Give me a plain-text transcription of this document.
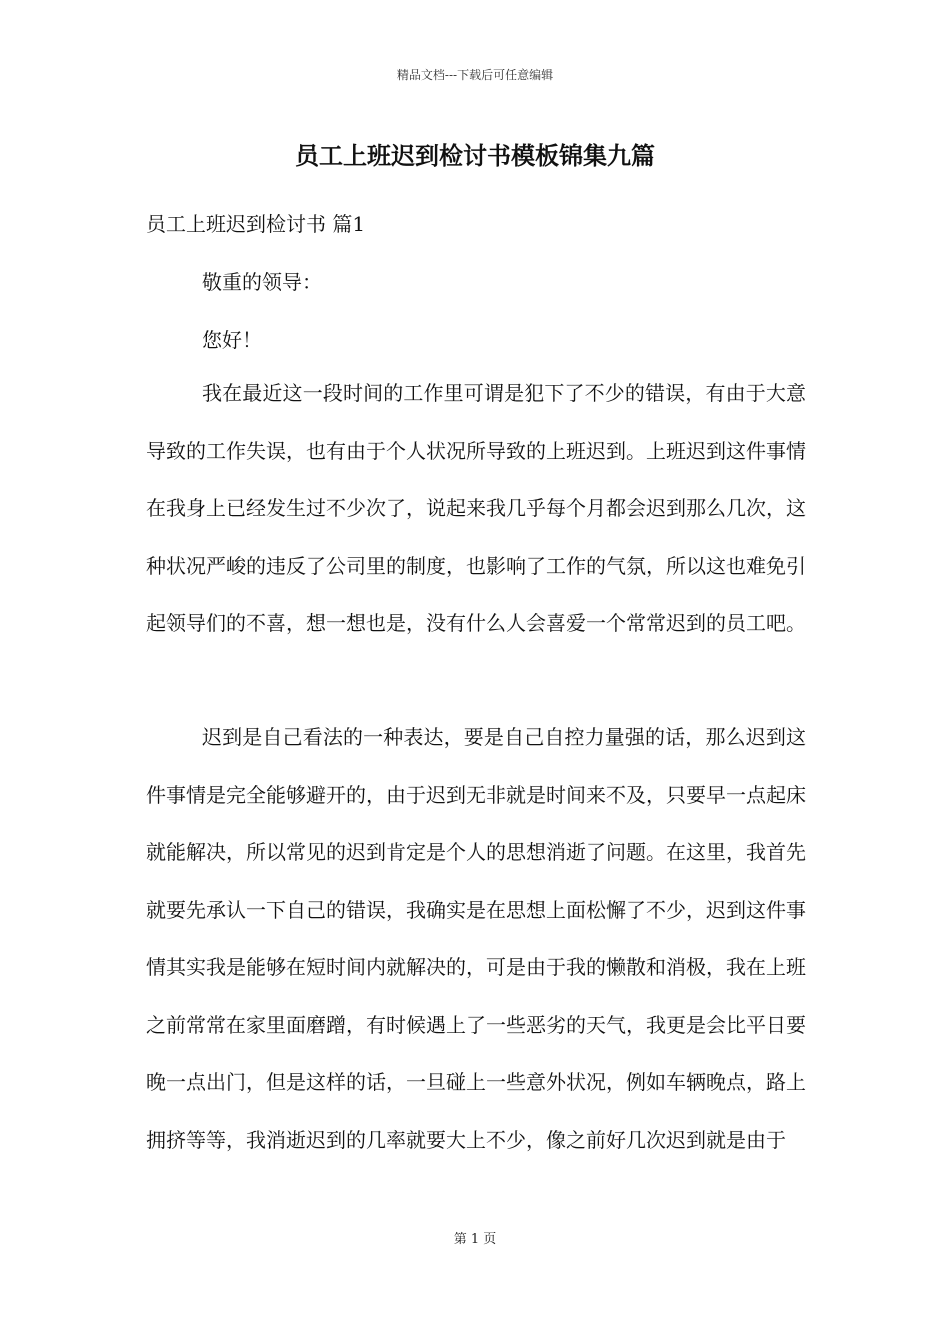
精品文档---下载后可任意编辑
员工上班迟到检讨书模板锦集九篇

员工上班迟到检讨书 篇1

敬重的领导：

您好！

我在最近这一段时间的工作里可谓是犯下了不少的错误，有由于大意导致的工作失误，也有由于个人状况所导致的上班迟到。上班迟到这件事情在我身上已经发生过不少次了，说起来我几乎每个月都会迟到那么几次，这种状况严峻的违反了公司里的制度，也影响了工作的气氛，所以这也难免引起领导们的不喜，想一想也是，没有什么人会喜爱一个常常迟到的员工吧。

迟到是自己看法的一种表达，要是自己自控力量强的话，那么迟到这件事情是完全能够避开的，由于迟到无非就是时间来不及，只要早一点起床就能解决，所以常见的迟到肯定是个人的思想消逝了问题。在这里，我首先就要先承认一下自己的错误，我确实是在思想上面松懈了不少，迟到这件事情其实我是能够在短时间内就解决的，可是由于我的懒散和消极，我在上班之前常常在家里面磨蹭，有时候遇上了一些恶劣的天气，我更是会比平日要晚一点出门，但是这样的话，一旦碰上一些意外状况，例如车辆晚点，路上拥挤等等，我消逝迟到的几率就要大上不少，像之前好几次迟到就是由于

第 1 页
